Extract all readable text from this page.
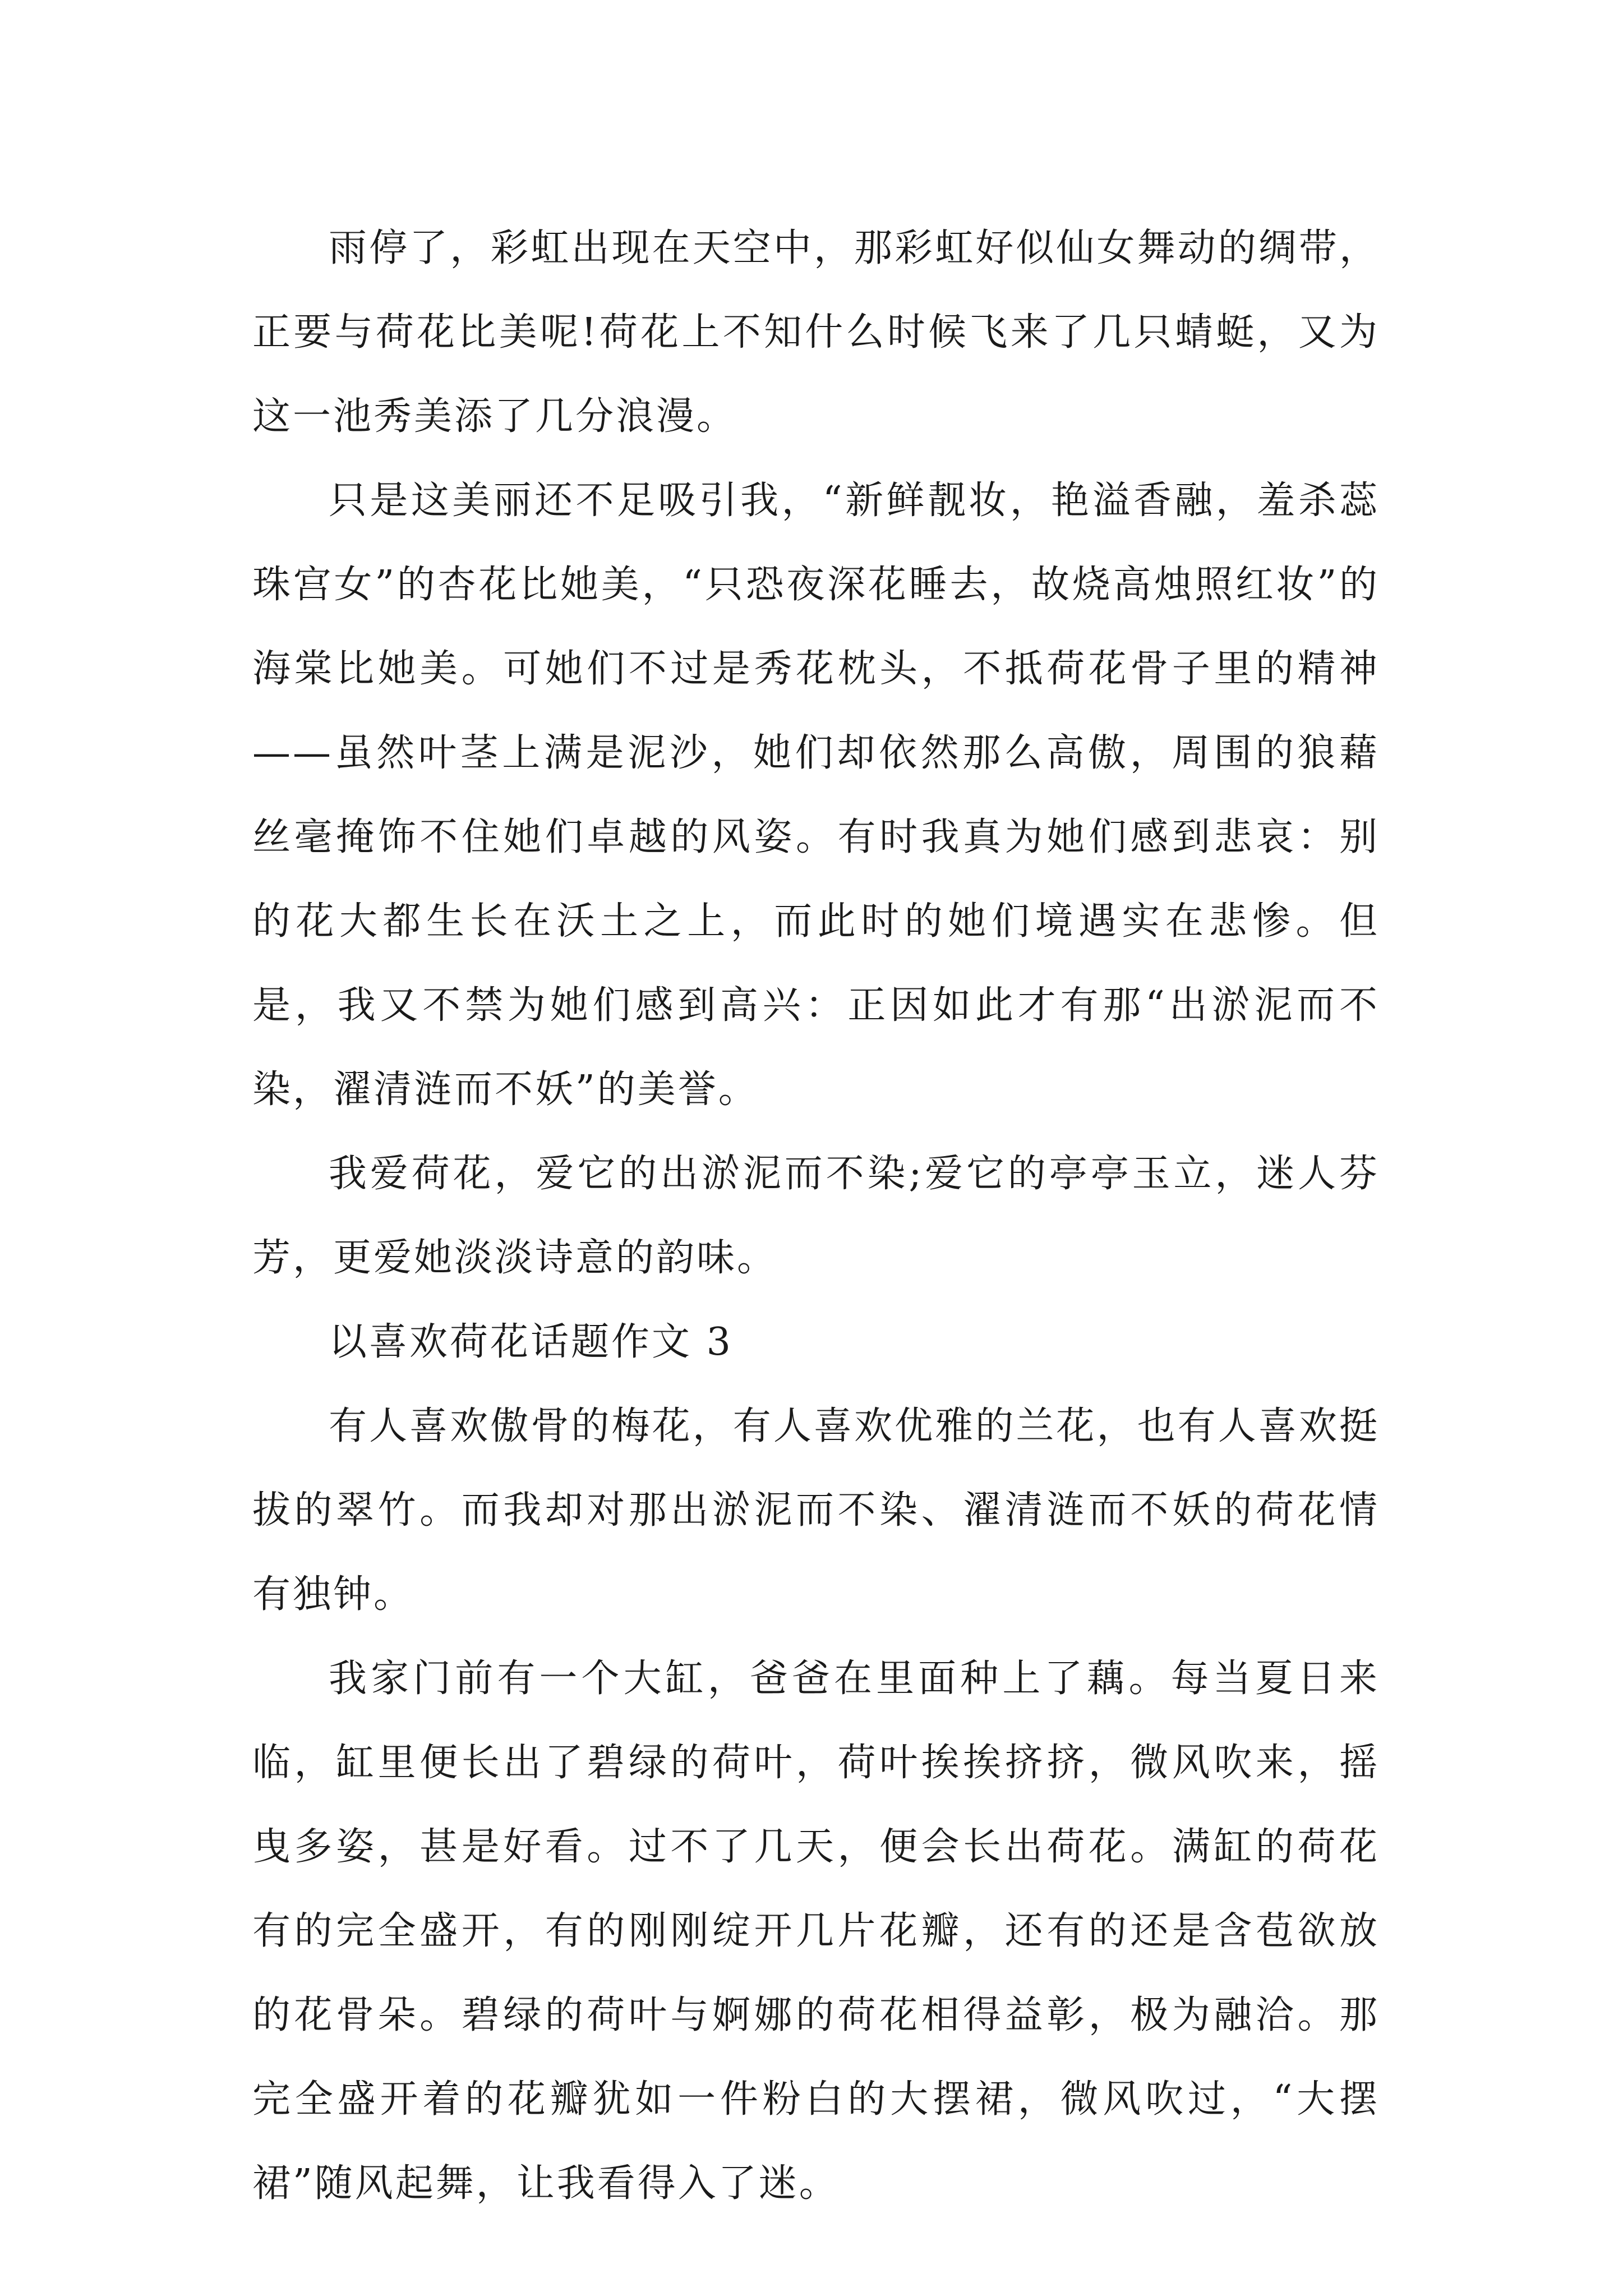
雨停了，彩虹出现在天空中，那彩虹好似仙女舞动的绸带，正要与荷花比美呢!荷花上不知什么时候飞来了几只蜻蜓，又为这一池秀美添了几分浪漫。

只是这美丽还不足吸引我，“新鲜靓妆，艳溢香融，羞杀蕊珠宫女”的杏花比她美，“只恐夜深花睡去，故烧高烛照红妆”的海棠比她美。可她们不过是秀花枕头，不抵荷花骨子里的精神——虽然叶茎上满是泥沙，她们却依然那么高傲，周围的狼藉丝毫掩饰不住她们卓越的风姿。有时我真为她们感到悲哀：别的花大都生长在沃土之上，而此时的她们境遇实在悲惨。但是，我又不禁为她们感到高兴：正因如此才有那“出淤泥而不染，濯清涟而不妖”的美誉。

我爱荷花，爱它的出淤泥而不染;爱它的亭亭玉立，迷人芬芳，更爱她淡淡诗意的韵味。

以喜欢荷花话题作文 3

有人喜欢傲骨的梅花，有人喜欢优雅的兰花，也有人喜欢挺拔的翠竹。而我却对那出淤泥而不染、濯清涟而不妖的荷花情有独钟。

我家门前有一个大缸，爸爸在里面种上了藕。每当夏日来临，缸里便长出了碧绿的荷叶，荷叶挨挨挤挤，微风吹来，摇曳多姿，甚是好看。过不了几天，便会长出荷花。满缸的荷花有的完全盛开，有的刚刚绽开几片花瓣，还有的还是含苞欲放的花骨朵。碧绿的荷叶与婀娜的荷花相得益彰，极为融洽。那完全盛开着的花瓣犹如一件粉白的大摆裙，微风吹过，“大摆裙”随风起舞，让我看得入了迷。
